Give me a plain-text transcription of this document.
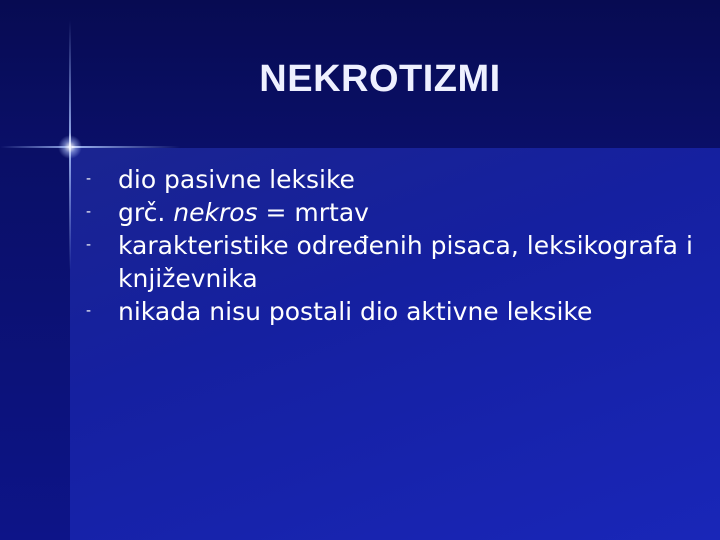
NEKROTIZMI
- dio pasivne leksike
- grč. nekros = mrtav
- karakteristike određenih pisaca, leksikografa i književnika
- nikada nisu postali dio aktivne leksike
